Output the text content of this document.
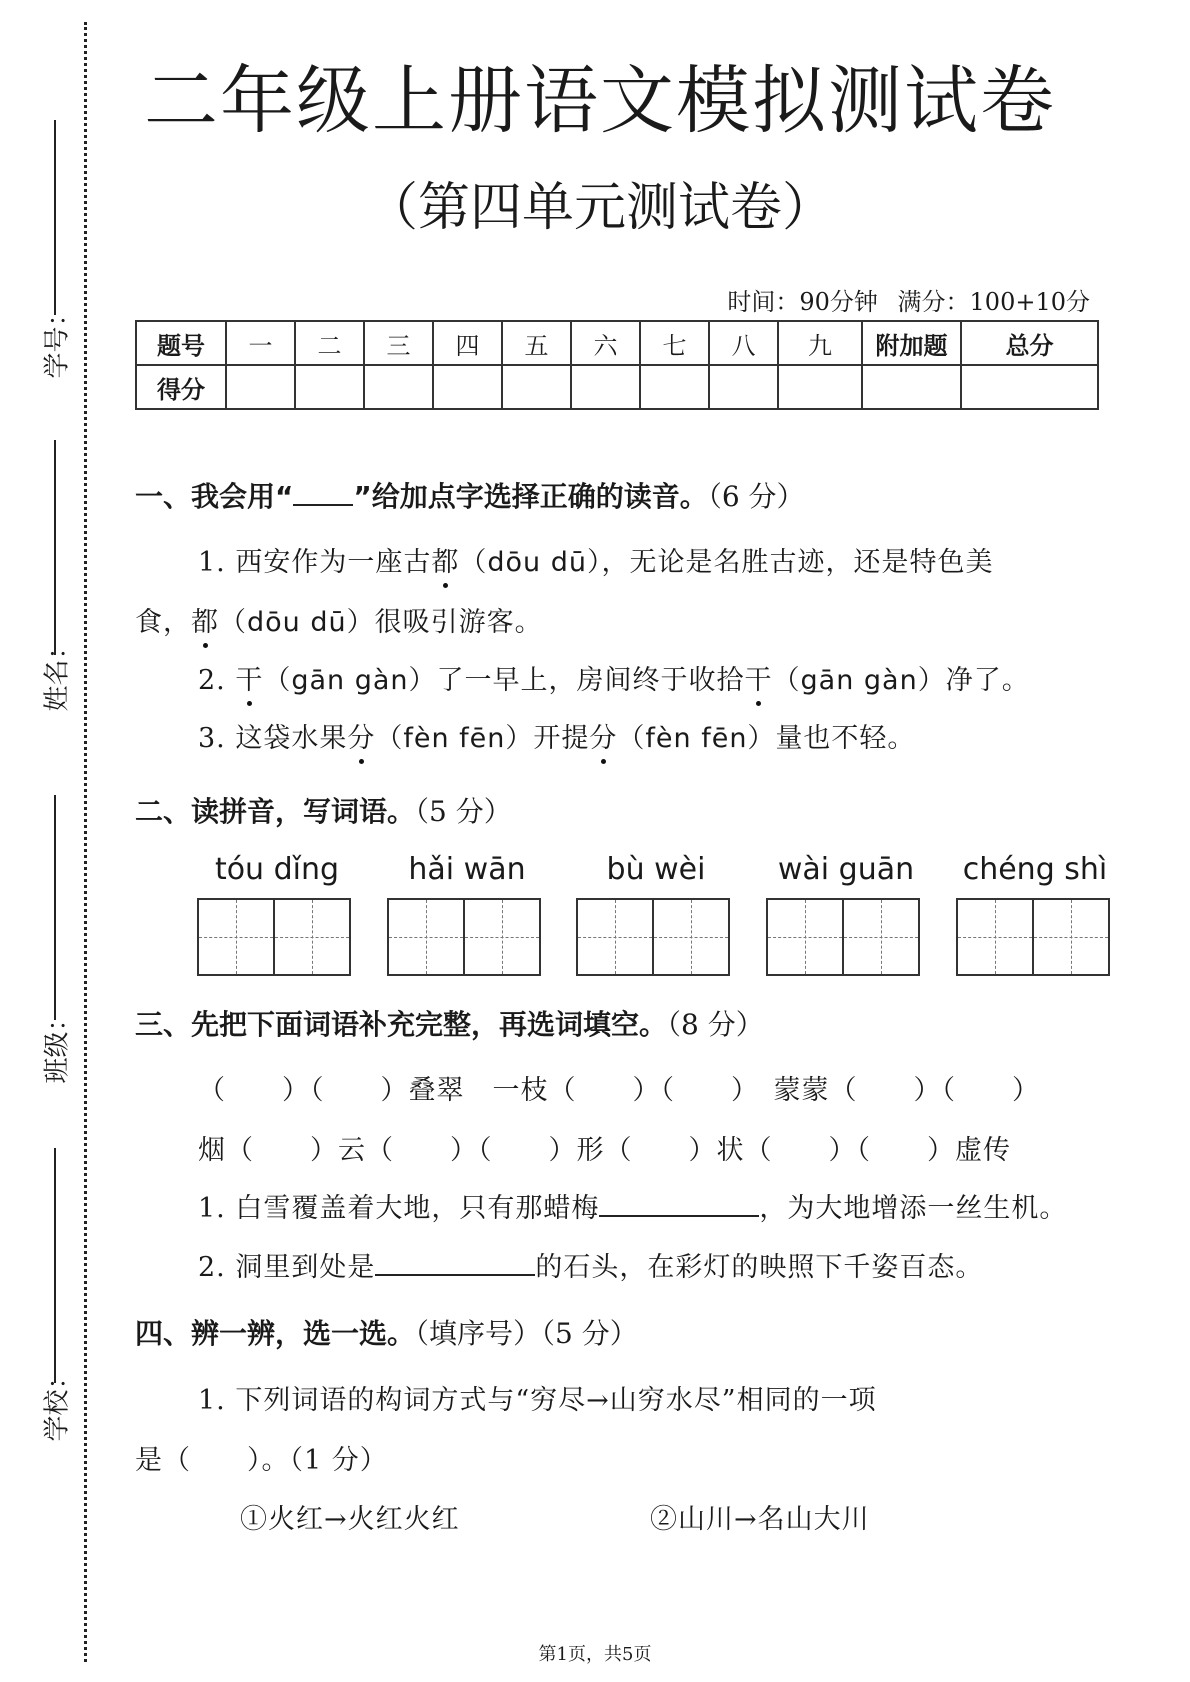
学号：
姓名：
班级：
学校：
二年级上册语文模拟测试卷
（第四单元测试卷）
时间：90分钟 满分：100+10分
题号	一	二	三	四	五	六	七	八	九	附加题	总分
得分											
一、我会用“ ”给加点字选择正确的读音。（6 分）
1. 西安作为一座古都（dōu dū），无论是名胜古迹，还是特色美
食，都（dōu dū）很吸引游客。
2. 干（gān gàn）了一早上，房间终于收拾干（gān gàn）净了。
3. 这袋水果分（fèn fēn）开提分（fèn fēn）量也不轻。
二、读拼音，写词语。（5 分）
tóu dǐng	hǎi wān	bù wèi	wài guān	chéng shì
三、先把下面词语补充完整，再选词填空。（8 分）
（　　）（　　）叠翠　一枝（　　）（　　）　蒙蒙（　　）（　　）
烟（　　）云（　　）（　　）形（　　）状（　　）（　　）虚传
1. 白雪覆盖着大地，只有那蜡梅	，为大地增添一丝生机。
2. 洞里到处是	的石头，在彩灯的映照下千姿百态。
四、辨一辨，选一选。（填序号）（5 分）
1. 下列词语的构词方式与“穷尽→山穷水尽”相同的一项
是（　　）。（1 分）
①火红→火红火红	②山川→名山大川
第1页，共5页
